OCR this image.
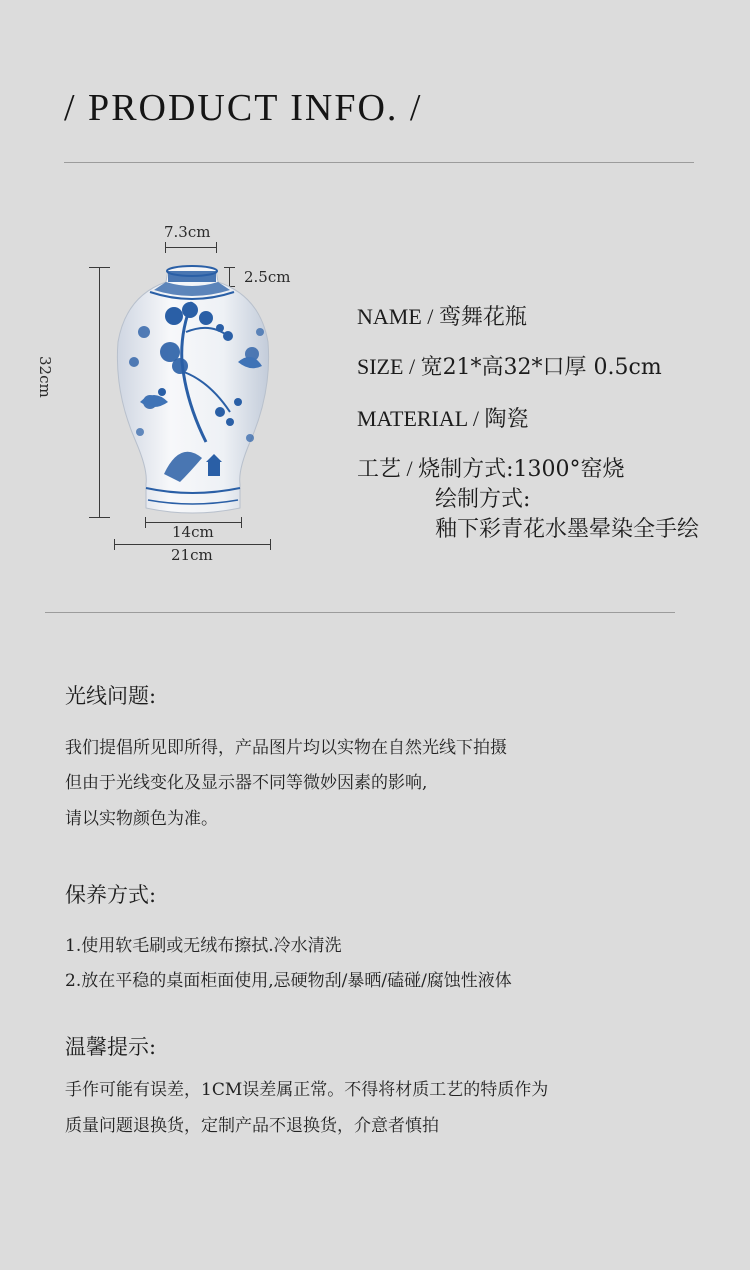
/ PRODUCT INFO. /
7.3cm
2.5cm
32cm
14cm
21cm
NAME / 鸾舞花瓶
SIZE / 宽21*高32*口厚 0.5cm
MATERIAL / 陶瓷
工艺 / 烧制方式:1300°窑烧
绘制方式:
釉下彩青花水墨晕染全手绘
光线问题:
我们提倡所见即所得，产品图片均以实物在自然光线下拍摄
但由于光线变化及显示器不同等微妙因素的影响,
请以实物颜色为准。
保养方式:
1.使用软毛刷或无绒布擦拭.冷水清洗
2.放在平稳的桌面柜面使用,忌硬物刮/暴晒/磕碰/腐蚀性液体
温馨提示:
手作可能有误差，1CM误差属正常。不得将材质工艺的特质作为
质量问题退换货，定制产品不退换货，介意者慎拍
